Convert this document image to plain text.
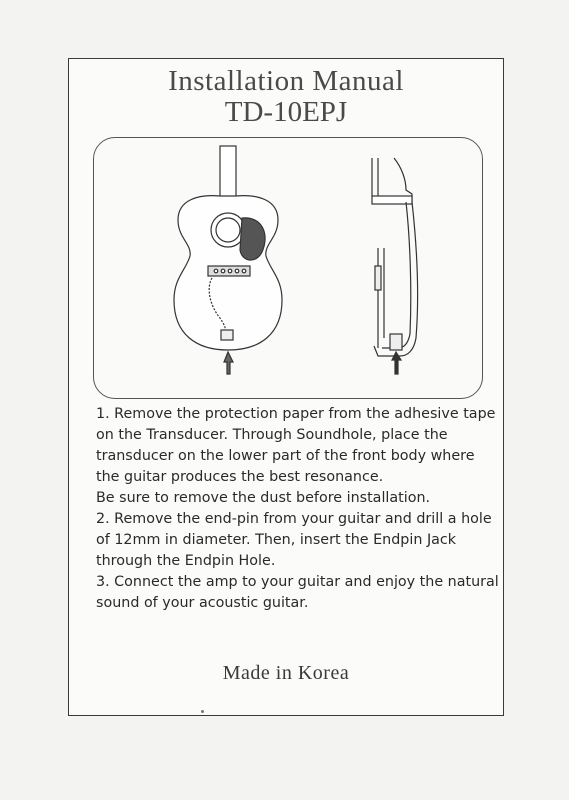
Installation Manual
TD-10EPJ

1. Remove the protection paper from the adhesive tape

on the Transducer. Through Soundhole, place the

transducer on the lower part of the front body where

the guitar produces the best resonance.

Be sure to remove the dust before installation.

2. Remove the end-pin from your guitar and drill a hole

of 12mm in diameter. Then, insert the Endpin Jack

through the Endpin Hole.

3. Connect the amp to your guitar and enjoy the natural

sound of your acoustic guitar.

Made in Korea
